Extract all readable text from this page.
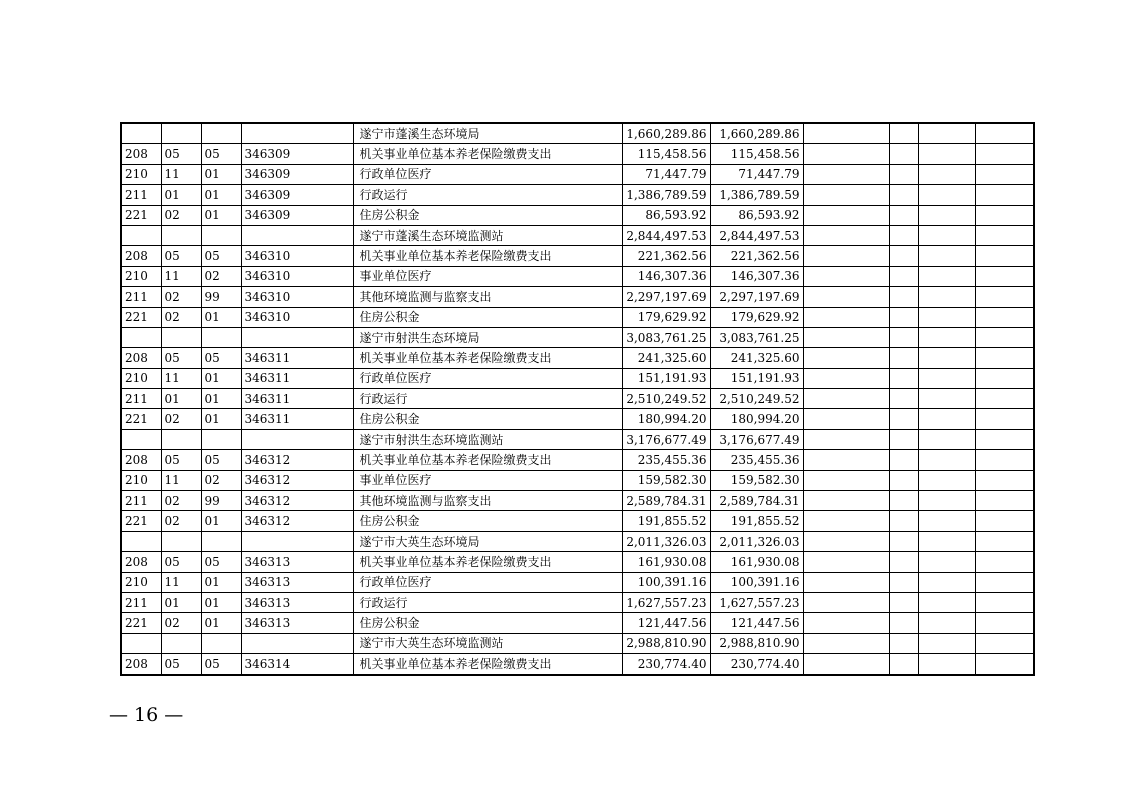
				遂宁市蓬溪生态环境局	1,660,289.86	1,660,289.86				
208	05	05	346309	机关事业单位基本养老保险缴费支出	115,458.56	115,458.56				
210	11	01	346309	行政单位医疗	71,447.79	71,447.79				
211	01	01	346309	行政运行	1,386,789.59	1,386,789.59				
221	02	01	346309	住房公积金	86,593.92	86,593.92				
				遂宁市蓬溪生态环境监测站	2,844,497.53	2,844,497.53				
208	05	05	346310	机关事业单位基本养老保险缴费支出	221,362.56	221,362.56				
210	11	02	346310	事业单位医疗	146,307.36	146,307.36				
211	02	99	346310	其他环境监测与监察支出	2,297,197.69	2,297,197.69				
221	02	01	346310	住房公积金	179,629.92	179,629.92				
				遂宁市射洪生态环境局	3,083,761.25	3,083,761.25				
208	05	05	346311	机关事业单位基本养老保险缴费支出	241,325.60	241,325.60				
210	11	01	346311	行政单位医疗	151,191.93	151,191.93				
211	01	01	346311	行政运行	2,510,249.52	2,510,249.52				
221	02	01	346311	住房公积金	180,994.20	180,994.20				
				遂宁市射洪生态环境监测站	3,176,677.49	3,176,677.49				
208	05	05	346312	机关事业单位基本养老保险缴费支出	235,455.36	235,455.36				
210	11	02	346312	事业单位医疗	159,582.30	159,582.30				
211	02	99	346312	其他环境监测与监察支出	2,589,784.31	2,589,784.31				
221	02	01	346312	住房公积金	191,855.52	191,855.52				
				遂宁市大英生态环境局	2,011,326.03	2,011,326.03				
208	05	05	346313	机关事业单位基本养老保险缴费支出	161,930.08	161,930.08				
210	11	01	346313	行政单位医疗	100,391.16	100,391.16				
211	01	01	346313	行政运行	1,627,557.23	1,627,557.23				
221	02	01	346313	住房公积金	121,447.56	121,447.56				
				遂宁市大英生态环境监测站	2,988,810.90	2,988,810.90				
208	05	05	346314	机关事业单位基本养老保险缴费支出	230,774.40	230,774.40				
— 16 —
